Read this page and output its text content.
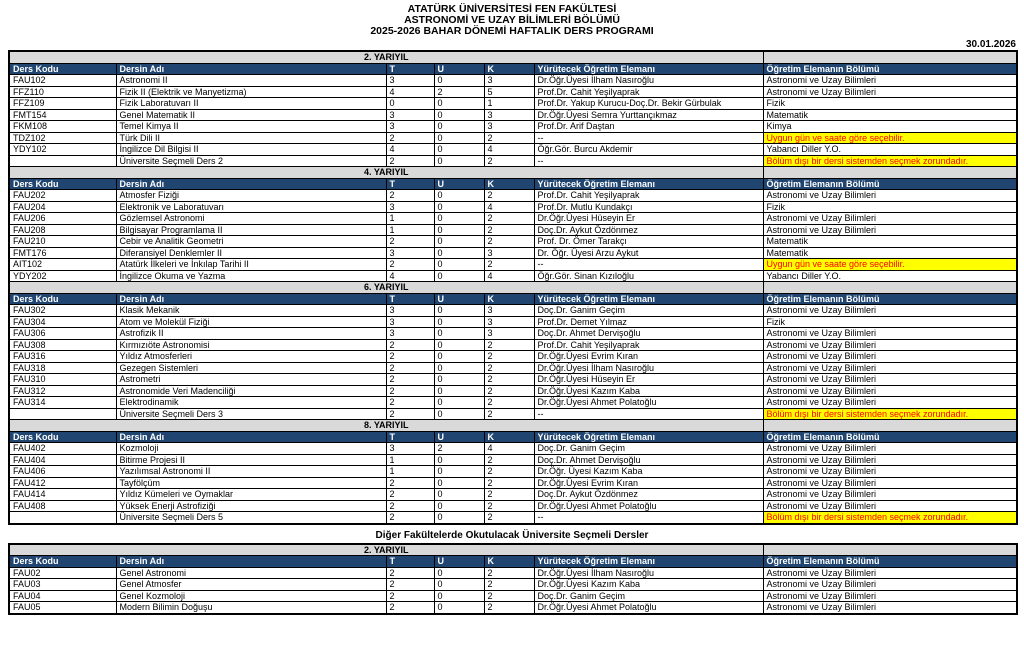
ATATÜRK ÜNİVERSİTESİ FEN FAKÜLTESİ
ASTRONOMİ VE UZAY BİLİMLERİ BÖLÜMÜ
2025-2026 BAHAR DÖNEMİ HAFTALIK DERS PROGRAMI
30.01.2026
2. YARIYIL						
Ders Kodu	Dersin Adı	T	U	K	Yürütecek Öğretim Elemanı	Öğretim Elemanın Bölümü
FAU102	Astronomi II	3	0	3	Dr.Öğr.Üyesi İlham Nasıroğlu	Astronomi ve Uzay Bilimleri
FFZ110	Fizik II (Elektrik ve Manyetizma)	4	2	5	Prof.Dr. Cahit Yeşilyaprak	Astronomi ve Uzay Bilimleri
FFZ109	Fizik Laboratuvarı II	0	0	1	Prof.Dr. Yakup Kurucu-Doç.Dr. Bekir Gürbulak	Fizik
FMT154	Genel Matematik II	3	0	3	Dr.Öğr.Üyesi Semra Yurttançıkmaz	Matematik
FKM108	Temel Kimya II	3	0	3	Prof.Dr. Arif Daştan	Kimya
TDZ102	Türk Dili II	2	0	2	--	Uygun gün ve saate göre seçebilir.
YDY102	İngilizce Dil Bilgisi II	4	0	4	Öğr.Gör. Burcu Akdemir	Yabancı Diller Y.O.
	Üniversite Seçmeli Ders 2	2	0	2	--	Bölüm dışı bir dersi sistemden seçmek zorundadır.
4. YARIYIL						
Ders Kodu	Dersin Adı	T	U	K	Yürütecek Öğretim Elemanı	Öğretim Elemanın Bölümü
FAU202	Atmosfer Fiziği	2	0	2	Prof.Dr. Cahit Yeşilyaprak	Astronomi ve Uzay Bilimleri
FAU204	Elektronik ve Laboratuvarı	3	0	4	Prof.Dr. Mutlu Kundakçı	Fizik
FAU206	Gözlemsel Astronomi	1	0	2	Dr.Öğr.Üyesi Hüseyin Er	Astronomi ve Uzay Bilimleri
FAU208	Bilgisayar Programlama II	1	0	2	Doç.Dr. Aykut Özdönmez	Astronomi ve Uzay Bilimleri
FAU210	Cebir ve Analitik Geometri	2	0	2	Prof. Dr. Ömer Tarakçı	Matematik
FMT176	Diferansiyel Denklemler II	3	0	3	Dr. Öğr. Üyesi Arzu Aykut	Matematik
AIT102	Atatürk İlkeleri ve İnkılap Tarihi II	2	0	2	--	Uygun gün ve saate göre seçebilir.
YDY202	İngilizce Okuma ve Yazma	4	0	4	Öğr.Gör. Sinan Kızıloğlu	Yabancı Diller Y.O.
6. YARIYIL						
Ders Kodu	Dersin Adı	T	U	K	Yürütecek Öğretim Elemanı	Öğretim Elemanın Bölümü
FAU302	Klasik Mekanik	3	0	3	Doç.Dr. Ganim Geçim	Astronomi ve Uzay Bilimleri
FAU304	Atom ve Molekül Fiziği	3	0	3	Prof.Dr. Demet Yılmaz	Fizik
FAU306	Astrofizik II	3	0	3	Doç.Dr. Ahmet Dervişoğlu	Astronomi ve Uzay Bilimleri
FAU308	Kırmızıöte Astronomisi	2	0	2	Prof.Dr. Cahit Yeşilyaprak	Astronomi ve Uzay Bilimleri
FAU316	Yıldız Atmosferleri	2	0	2	Dr.Öğr.Üyesi Evrim Kıran	Astronomi ve Uzay Bilimleri
FAU318	Gezegen Sistemleri	2	0	2	Dr.Öğr.Üyesi İlham Nasıroğlu	Astronomi ve Uzay Bilimleri
FAU310	Astrometri	2	0	2	Dr.Öğr.Üyesi Hüseyin Er	Astronomi ve Uzay Bilimleri
FAU312	Astronomide Veri Madenciliği	2	0	2	Dr.Öğr.Üyesi Kazım Kaba	Astronomi ve Uzay Bilimleri
FAU314	Elektrodinamik	2	0	2	Dr.Öğr.Üyesi Ahmet Polatoğlu	Astronomi ve Uzay Bilimleri
	Üniversite Seçmeli Ders 3	2	0	2	--	Bölüm dışı bir dersi sistemden seçmek zorundadır.
8. YARIYIL						
Ders Kodu	Dersin Adı	T	U	K	Yürütecek Öğretim Elemanı	Öğretim Elemanın Bölümü
FAU402	Kozmoloji	3	2	4	Doç.Dr. Ganim Geçim	Astronomi ve Uzay Bilimleri
FAU404	Bitirme Projesi II	1	0	2	Doç.Dr. Ahmet Dervişoğlu	Astronomi ve Uzay Bilimleri
FAU406	Yazılımsal Astronomi II	1	0	2	Dr.Öğr. Üyesi Kazım Kaba	Astronomi ve Uzay Bilimleri
FAU412	Tayfölçüm	2	0	2	Dr.Öğr.Üyesi Evrim Kıran	Astronomi ve Uzay Bilimleri
FAU414	Yıldız Kümeleri ve Oymaklar	2	0	2	Doç.Dr. Aykut Özdönmez	Astronomi ve Uzay Bilimleri
FAU408	Yüksek Enerji Astrofiziği	2	0	2	Dr.Öğr.Üyesi Ahmet Polatoğlu	Astronomi ve Uzay Bilimleri
	Üniversite Seçmeli Ders 5	2	0	2	--	Bölüm dışı bir dersi sistemden seçmek zorundadır.
Diğer Fakültelerde Okutulacak Üniversite Seçmeli Dersler
2. YARIYIL						
Ders Kodu	Dersin Adı	T	U	K	Yürütecek Öğretim Elemanı	Öğretim Elemanın Bölümü
FAU02	Genel Astronomi	2	0	2	Dr.Öğr.Üyesi İlham Nasıroğlu	Astronomi ve Uzay Bilimleri
FAU03	Genel Atmosfer	2	0	2	Dr.Öğr.Üyesi Kazım Kaba	Astronomi ve Uzay Bilimleri
FAU04	Genel Kozmoloji	2	0	2	Doç.Dr. Ganim Geçim	Astronomi ve Uzay Bilimleri
FAU05	Modern Bilimin Doğuşu	2	0	2	Dr.Öğr.Üyesi Ahmet Polatoğlu	Astronomi ve Uzay Bilimleri
